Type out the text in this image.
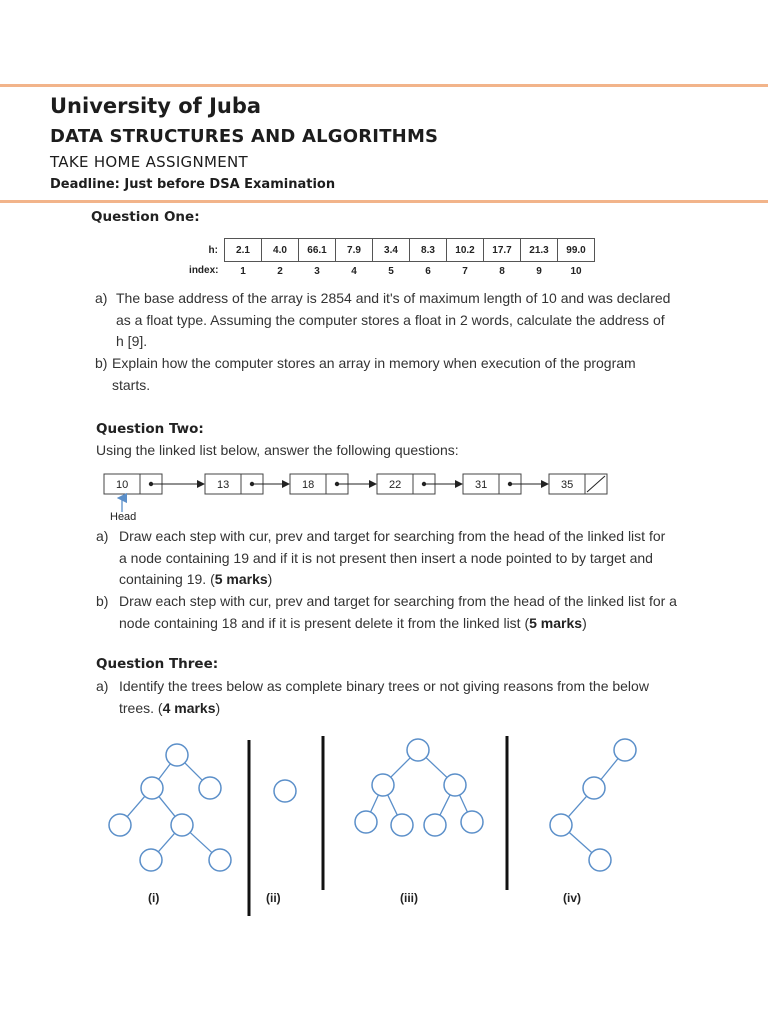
University of Juba
DATA STRUCTURES AND ALGORITHMS
TAKE HOME ASSIGNMENT
Deadline: Just before DSA Examination
Question One:
h:	2.1	4.0	66.1	7.9	3.4	8.3	10.2	17.7	21.3	99.0
index:	1	2	3	4	5	6	7	8	9	10
a) The base address of the array is 2854 and it's of maximum length of 10 and was declared as a float type. Assuming the computer stores a float in 2 words, calculate the address of h [9].
b) Explain how the computer stores an array in memory when execution of the program starts.
Question Two:
Using the linked list below, answer the following questions:
10	13	18	22	31	35
Head
a) Draw each step with cur, prev and target for searching from the head of the linked list for a node containing 19 and if it is not present then insert a node pointed to by target and containing 19. (5 marks)
b) Draw each step with cur, prev and target for searching from the head of the linked list for a node containing 18 and if it is present delete it from the linked list (5 marks)
Question Three:
a) Identify the trees below as complete binary trees or not giving reasons from the below trees. (4 marks)
(i)	(ii)	(iii)	(iv)
